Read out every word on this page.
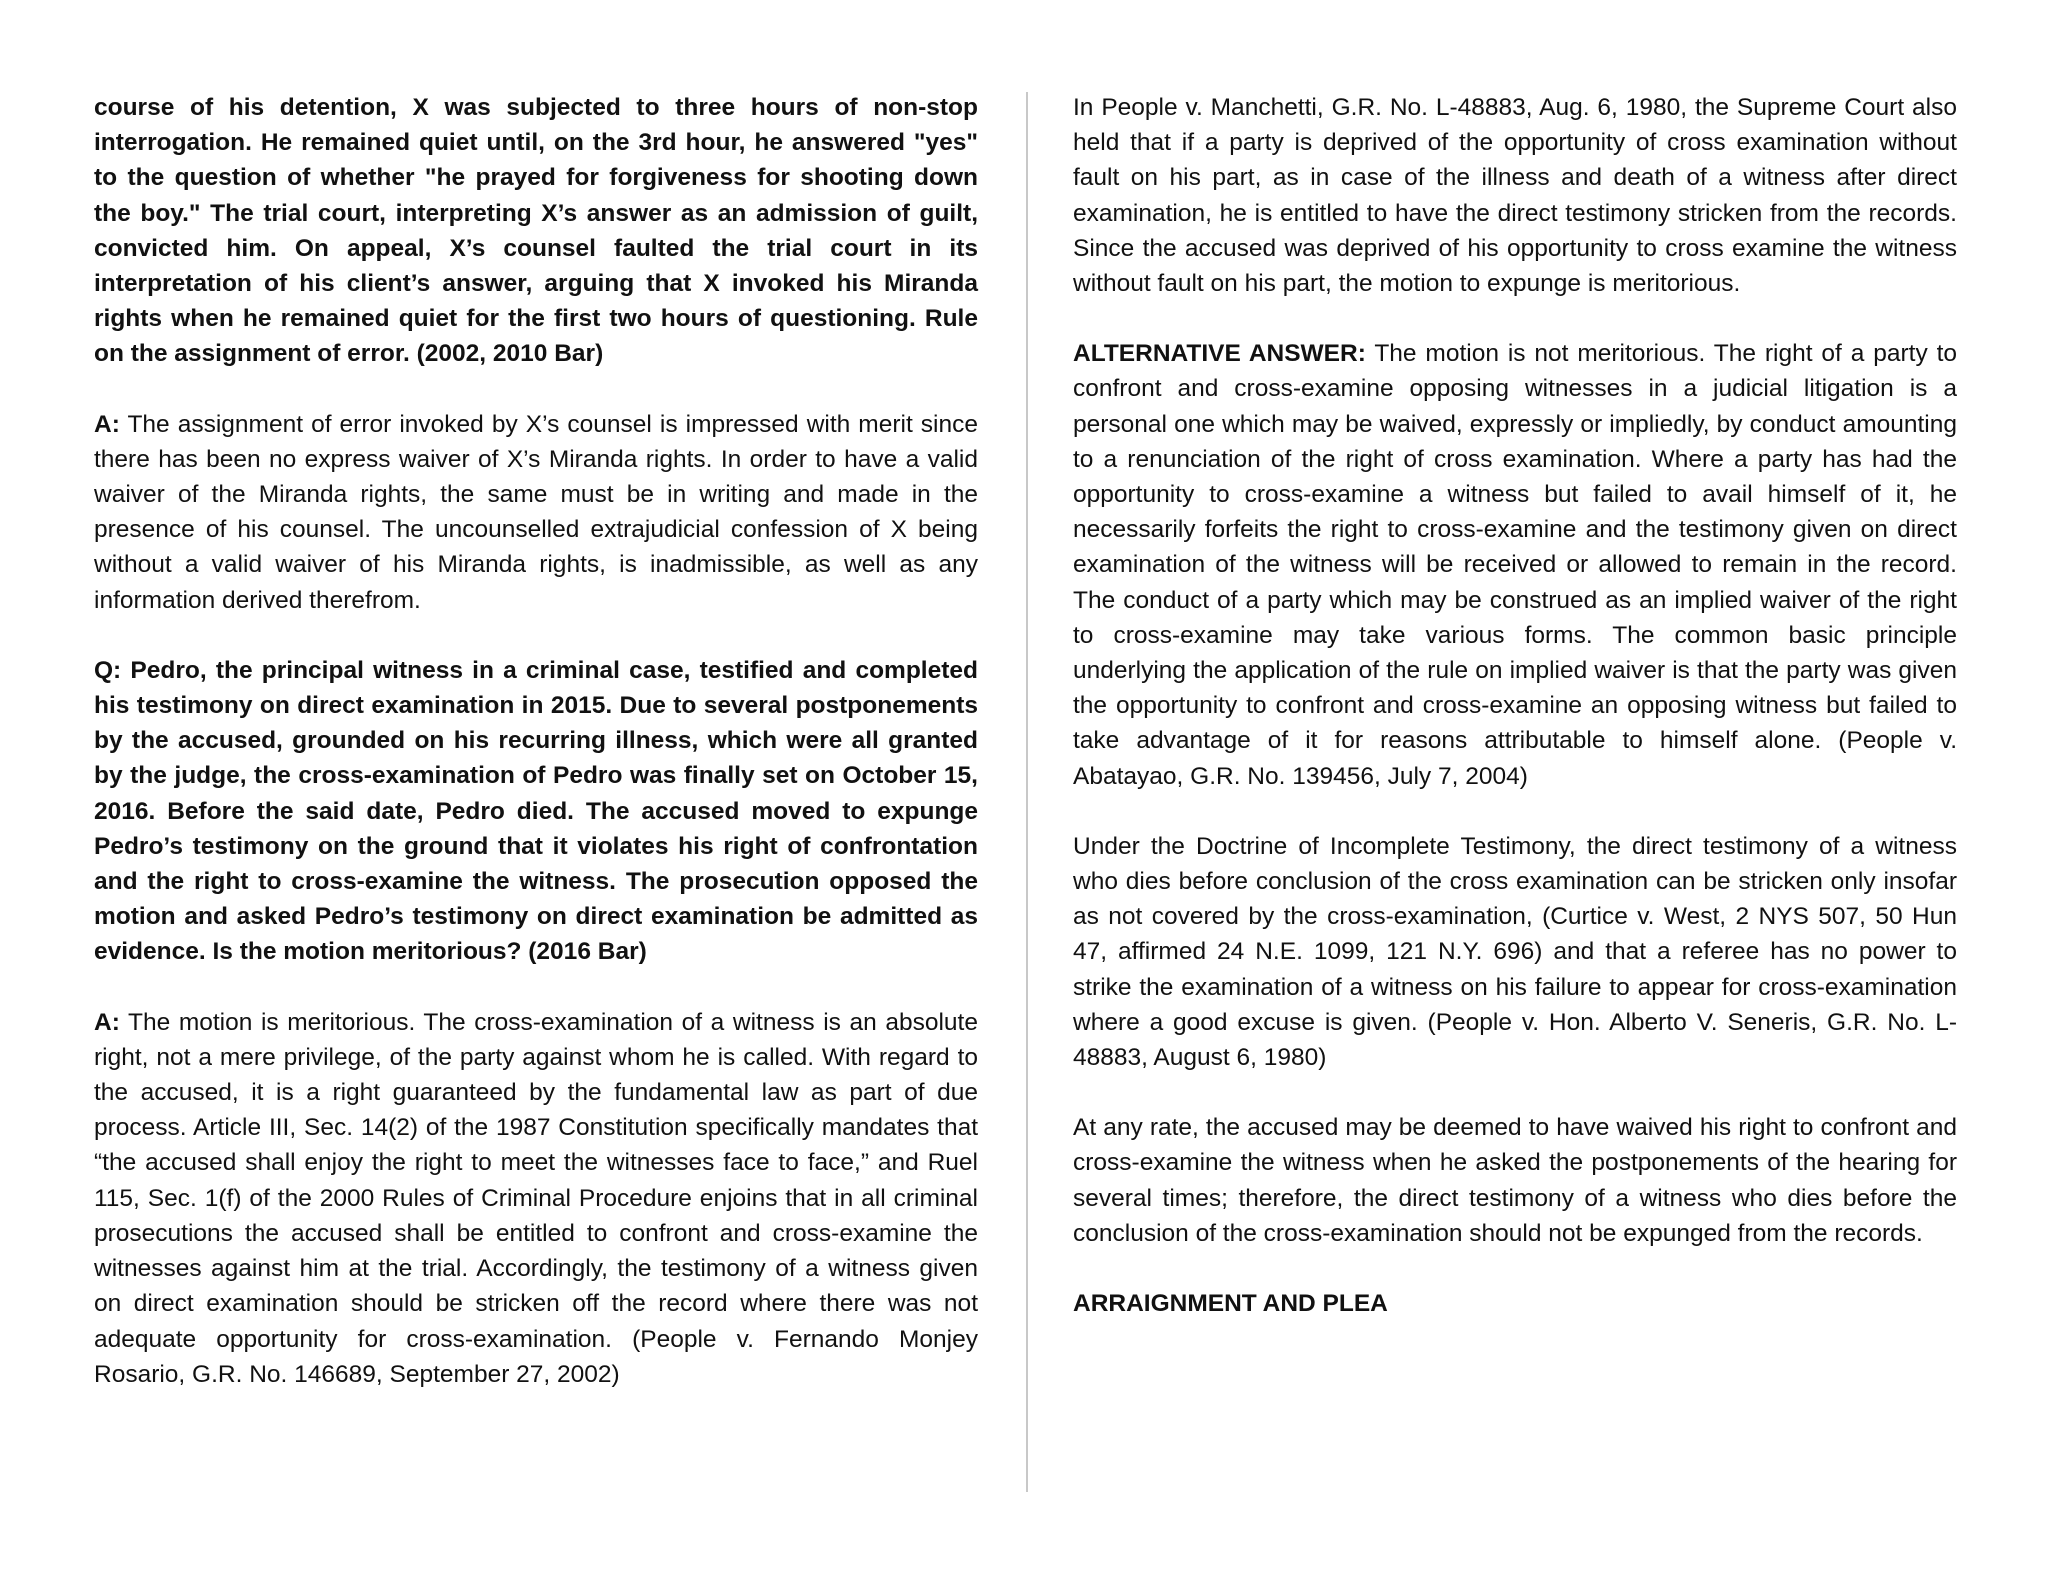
course of his detention, X was subjected to three hours of non-stop interrogation. He remained quiet until, on the 3rd hour, he answered "yes" to the question of whether "he prayed for forgiveness for shooting down the boy." The trial court, interpreting X’s answer as an admission of guilt, convicted him. On appeal, X’s counsel faulted the trial court in its interpretation of his client’s answer, arguing that X invoked his Miranda rights when he remained quiet for the first two hours of questioning. Rule on the assignment of error. (2002, 2010 Bar)

A: The assignment of error invoked by X’s counsel is impressed with merit since there has been no express waiver of X’s Miranda rights. In order to have a valid waiver of the Miranda rights, the same must be in writing and made in the presence of his counsel. The uncounselled extrajudicial confession of X being without a valid waiver of his Miranda rights, is inadmissible, as well as any information derived therefrom.

Q: Pedro, the principal witness in a criminal case, testified and completed his testimony on direct examination in 2015. Due to several postponements by the accused, grounded on his recurring illness, which were all granted by the judge, the cross-examination of Pedro was finally set on October 15, 2016. Before the said date, Pedro died. The accused moved to expunge Pedro’s testimony on the ground that it violates his right of confrontation and the right to cross-examine the witness. The prosecution opposed the motion and asked Pedro’s testimony on direct examination be admitted as evidence. Is the motion meritorious? (2016 Bar)

A: The motion is meritorious. The cross-examination of a witness is an absolute right, not a mere privilege, of the party against whom he is called. With regard to the accused, it is a right guaranteed by the fundamental law as part of due process. Article III, Sec. 14(2) of the 1987 Constitution specifically mandates that “the accused shall enjoy the right to meet the witnesses face to face,” and Ruel 115, Sec. 1(f) of the 2000 Rules of Criminal Procedure enjoins that in all criminal prosecutions the accused shall be entitled to confront and cross-examine the witnesses against him at the trial. Accordingly, the testimony of a witness given on direct examination should be stricken off the record where there was not adequate opportunity for cross-examination. (People v. Fernando Monjey Rosario, G.R. No. 146689, September 27, 2002)

In People v. Manchetti, G.R. No. L-48883, Aug. 6, 1980, the Supreme Court also held that if a party is deprived of the opportunity of cross examination without fault on his part, as in case of the illness and death of a witness after direct examination, he is entitled to have the direct testimony stricken from the records. Since the accused was deprived of his opportunity to cross examine the witness without fault on his part, the motion to expunge is meritorious.

ALTERNATIVE ANSWER: The motion is not meritorious. The right of a party to confront and cross-examine opposing witnesses in a judicial litigation is a personal one which may be waived, expressly or impliedly, by conduct amounting to a renunciation of the right of cross examination. Where a party has had the opportunity to cross-examine a witness but failed to avail himself of it, he necessarily forfeits the right to cross-examine and the testimony given on direct examination of the witness will be received or allowed to remain in the record. The conduct of a party which may be construed as an implied waiver of the right to cross-examine may take various forms. The common basic principle underlying the application of the rule on implied waiver is that the party was given the opportunity to confront and cross-examine an opposing witness but failed to take advantage of it for reasons attributable to himself alone. (People v. Abatayao, G.R. No. 139456, July 7, 2004)

Under the Doctrine of Incomplete Testimony, the direct testimony of a witness who dies before conclusion of the cross examination can be stricken only insofar as not covered by the cross-examination, (Curtice v. West, 2 NYS 507, 50 Hun 47, affirmed 24 N.E. 1099, 121 N.Y. 696) and that a referee has no power to strike the examination of a witness on his failure to appear for cross-examination where a good excuse is given. (People v. Hon. Alberto V. Seneris, G.R. No. L- 48883, August 6, 1980)

At any rate, the accused may be deemed to have waived his right to confront and cross-examine the witness when he asked the postponements of the hearing for several times; therefore, the direct testimony of a witness who dies before the conclusion of the cross-examination should not be expunged from the records.

ARRAIGNMENT AND PLEA
